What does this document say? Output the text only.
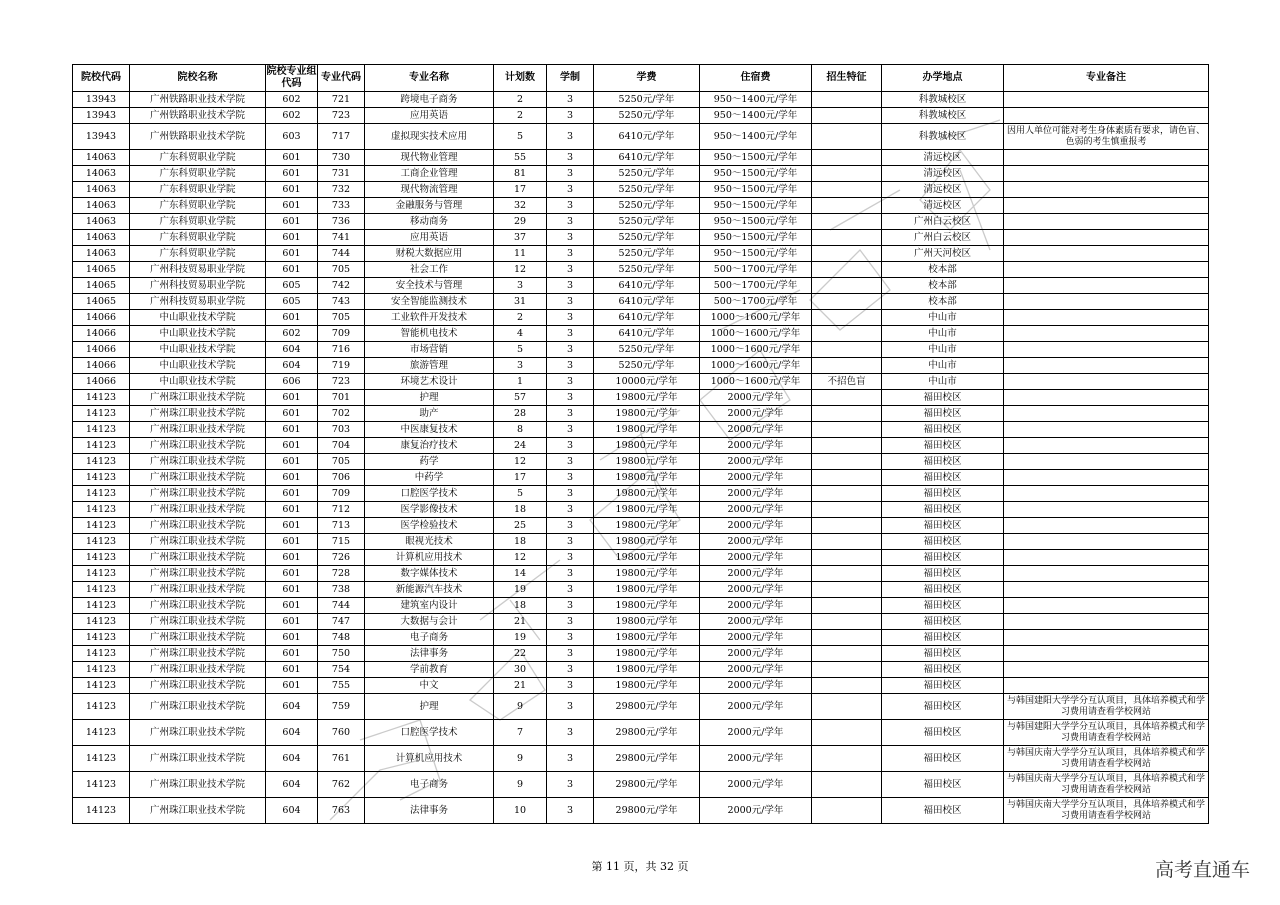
院校代码	院校名称	院校专业组代码	专业代码	专业名称	计划数	学制	学费	住宿费	招生特征	办学地点	专业备注
13943	广州铁路职业技术学院	602	721	跨境电子商务	2	3	5250元/学年	950～1400元/学年		科教城校区	
13943	广州铁路职业技术学院	602	723	应用英语	2	3	5250元/学年	950～1400元/学年		科教城校区	
13943	广州铁路职业技术学院	603	717	虚拟现实技术应用	5	3	6410元/学年	950～1400元/学年		科教城校区	因用人单位可能对考生身体素质有要求，请色盲、色弱的考生慎重报考
14063	广东科贸职业学院	601	730	现代物业管理	55	3	6410元/学年	950～1500元/学年		清远校区	
14063	广东科贸职业学院	601	731	工商企业管理	81	3	5250元/学年	950～1500元/学年		清远校区	
14063	广东科贸职业学院	601	732	现代物流管理	17	3	5250元/学年	950～1500元/学年		清远校区	
14063	广东科贸职业学院	601	733	金融服务与管理	32	3	5250元/学年	950～1500元/学年		清远校区	
14063	广东科贸职业学院	601	736	移动商务	29	3	5250元/学年	950～1500元/学年		广州白云校区	
14063	广东科贸职业学院	601	741	应用英语	37	3	5250元/学年	950～1500元/学年		广州白云校区	
14063	广东科贸职业学院	601	744	财税大数据应用	11	3	5250元/学年	950～1500元/学年		广州天河校区	
14065	广州科技贸易职业学院	601	705	社会工作	12	3	5250元/学年	500～1700元/学年		校本部	
14065	广州科技贸易职业学院	605	742	安全技术与管理	3	3	6410元/学年	500～1700元/学年		校本部	
14065	广州科技贸易职业学院	605	743	安全智能监测技术	31	3	6410元/学年	500～1700元/学年		校本部	
14066	中山职业技术学院	601	705	工业软件开发技术	2	3	6410元/学年	1000～1600元/学年		中山市	
14066	中山职业技术学院	602	709	智能机电技术	4	3	6410元/学年	1000～1600元/学年		中山市	
14066	中山职业技术学院	604	716	市场营销	5	3	5250元/学年	1000～1600元/学年		中山市	
14066	中山职业技术学院	604	719	旅游管理	3	3	5250元/学年	1000～1600元/学年		中山市	
14066	中山职业技术学院	606	723	环境艺术设计	1	3	10000元/学年	1000～1600元/学年	不招色盲	中山市	
14123	广州珠江职业技术学院	601	701	护理	57	3	19800元/学年	2000元/学年		福田校区	
14123	广州珠江职业技术学院	601	702	助产	28	3	19800元/学年	2000元/学年		福田校区	
14123	广州珠江职业技术学院	601	703	中医康复技术	8	3	19800元/学年	2000元/学年		福田校区	
14123	广州珠江职业技术学院	601	704	康复治疗技术	24	3	19800元/学年	2000元/学年		福田校区	
14123	广州珠江职业技术学院	601	705	药学	12	3	19800元/学年	2000元/学年		福田校区	
14123	广州珠江职业技术学院	601	706	中药学	17	3	19800元/学年	2000元/学年		福田校区	
14123	广州珠江职业技术学院	601	709	口腔医学技术	5	3	19800元/学年	2000元/学年		福田校区	
14123	广州珠江职业技术学院	601	712	医学影像技术	18	3	19800元/学年	2000元/学年		福田校区	
14123	广州珠江职业技术学院	601	713	医学检验技术	25	3	19800元/学年	2000元/学年		福田校区	
14123	广州珠江职业技术学院	601	715	眼视光技术	18	3	19800元/学年	2000元/学年		福田校区	
14123	广州珠江职业技术学院	601	726	计算机应用技术	12	3	19800元/学年	2000元/学年		福田校区	
14123	广州珠江职业技术学院	601	728	数字媒体技术	14	3	19800元/学年	2000元/学年		福田校区	
14123	广州珠江职业技术学院	601	738	新能源汽车技术	19	3	19800元/学年	2000元/学年		福田校区	
14123	广州珠江职业技术学院	601	744	建筑室内设计	18	3	19800元/学年	2000元/学年		福田校区	
14123	广州珠江职业技术学院	601	747	大数据与会计	21	3	19800元/学年	2000元/学年		福田校区	
14123	广州珠江职业技术学院	601	748	电子商务	19	3	19800元/学年	2000元/学年		福田校区	
14123	广州珠江职业技术学院	601	750	法律事务	22	3	19800元/学年	2000元/学年		福田校区	
14123	广州珠江职业技术学院	601	754	学前教育	30	3	19800元/学年	2000元/学年		福田校区	
14123	广州珠江职业技术学院	601	755	中文	21	3	19800元/学年	2000元/学年		福田校区	
14123	广州珠江职业技术学院	604	759	护理	9	3	29800元/学年	2000元/学年		福田校区	与韩国建阳大学学分互认项目，具体培养模式和学习费用请查看学校网站
14123	广州珠江职业技术学院	604	760	口腔医学技术	7	3	29800元/学年	2000元/学年		福田校区	与韩国建阳大学学分互认项目，具体培养模式和学习费用请查看学校网站
14123	广州珠江职业技术学院	604	761	计算机应用技术	9	3	29800元/学年	2000元/学年		福田校区	与韩国庆南大学学分互认项目，具体培养模式和学习费用请查看学校网站
14123	广州珠江职业技术学院	604	762	电子商务	9	3	29800元/学年	2000元/学年		福田校区	与韩国庆南大学学分互认项目，具体培养模式和学习费用请查看学校网站
14123	广州珠江职业技术学院	604	763	法律事务	10	3	29800元/学年	2000元/学年		福田校区	与韩国庆南大学学分互认项目，具体培养模式和学习费用请查看学校网站
第 11 页，共 32 页	高考直通车
